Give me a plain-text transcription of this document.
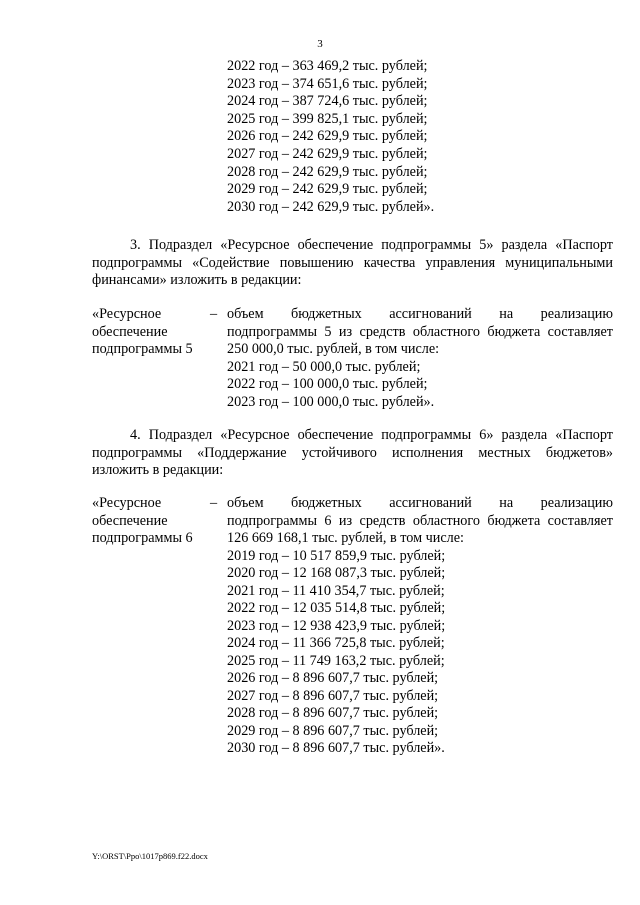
3
2022 год – 363 469,2 тыс. рублей;
2023 год – 374 651,6 тыс. рублей;
2024 год – 387 724,6 тыс. рублей;
2025 год – 399 825,1 тыс. рублей;
2026 год – 242 629,9 тыс. рублей;
2027 год – 242 629,9 тыс. рублей;
2028 год – 242 629,9 тыс. рублей;
2029 год – 242 629,9 тыс. рублей;
2030 год – 242 629,9 тыс. рублей».
3. Подраздел «Ресурсное обеспечение подпрограммы 5» раздела «Паспорт
подпрограммы «Содействие повышению качества управления муниципальными
финансами» изложить в редакции:
«Ресурсное
обеспечение
подпрограммы 5
– объем бюджетных ассигнований на реализацию
подпрограммы 5 из средств областного бюджета составляет
250 000,0 тыс. рублей, в том числе:
2021 год – 50 000,0 тыс. рублей;
2022 год – 100 000,0 тыс. рублей;
2023 год – 100 000,0 тыс. рублей».
4. Подраздел «Ресурсное обеспечение подпрограммы 6» раздела «Паспорт
подпрограммы «Поддержание устойчивого исполнения местных бюджетов»
изложить в редакции:
«Ресурсное
обеспечение
подпрограммы 6
– объем бюджетных ассигнований на реализацию
подпрограммы 6 из средств областного бюджета составляет
126 669 168,1 тыс. рублей, в том числе:
2019 год – 10 517 859,9 тыс. рублей;
2020 год – 12 168 087,3 тыс. рублей;
2021 год – 11 410 354,7 тыс. рублей;
2022 год – 12 035 514,8 тыс. рублей;
2023 год – 12 938 423,9 тыс. рублей;
2024 год – 11 366 725,8 тыс. рублей;
2025 год – 11 749 163,2 тыс. рублей;
2026 год – 8 896 607,7 тыс. рублей;
2027 год – 8 896 607,7 тыс. рублей;
2028 год – 8 896 607,7 тыс. рублей;
2029 год – 8 896 607,7 тыс. рублей;
2030 год – 8 896 607,7 тыс. рублей».
Y:\ORST\Ppo\1017p869.f22.docx
